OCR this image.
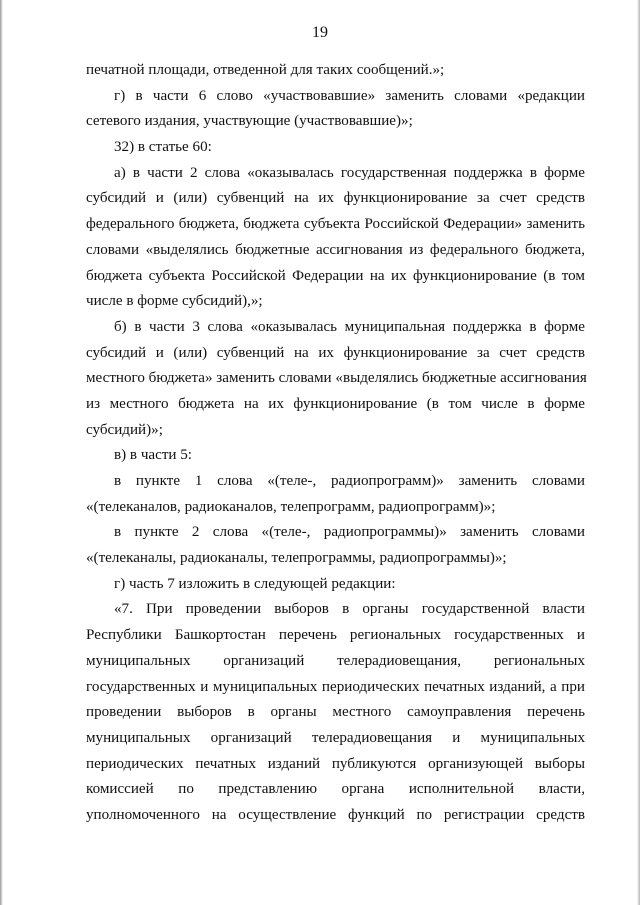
19
печатной площади, отведенной для таких сообщений.»;
г) в части 6 слово «участвовавшие» заменить словами «редакции
сетевого издания, участвующие (участвовавшие)»;
32) в статье 60:
а) в части 2 слова «оказывалась государственная поддержка в форме
субсидий и (или) субвенций на их функционирование за счет средств
федерального бюджета, бюджета субъекта Российской Федерации» заменить
словами «выделялись бюджетные ассигнования из федерального бюджета,
бюджета субъекта Российской Федерации на их функционирование (в том
числе в форме субсидий),»;
б) в части 3 слова «оказывалась муниципальная поддержка в форме
субсидий и (или) субвенций на их функционирование за счет средств
местного бюджета» заменить словами «выделялись бюджетные ассигнования
из местного бюджета на их функционирование (в том числе в форме
субсидий)»;
в) в части 5:
в пункте 1 слова «(теле-, радиопрограмм)» заменить словами
«(телеканалов, радиоканалов, телепрограмм, радиопрограмм)»;
в пункте 2 слова «(теле-, радиопрограммы)» заменить словами
«(телеканалы, радиоканалы, телепрограммы, радиопрограммы)»;
г) часть 7 изложить в следующей редакции:
«7. При проведении выборов в органы государственной власти
Республики Башкортостан перечень региональных государственных и
муниципальных организаций телерадиовещания, региональных
государственных и муниципальных периодических печатных изданий, а при
проведении выборов в органы местного самоуправления перечень
муниципальных организаций телерадиовещания и муниципальных
периодических печатных изданий публикуются организующей выборы
комиссией по представлению органа исполнительной власти,
уполномоченного на осуществление функций по регистрации средств
